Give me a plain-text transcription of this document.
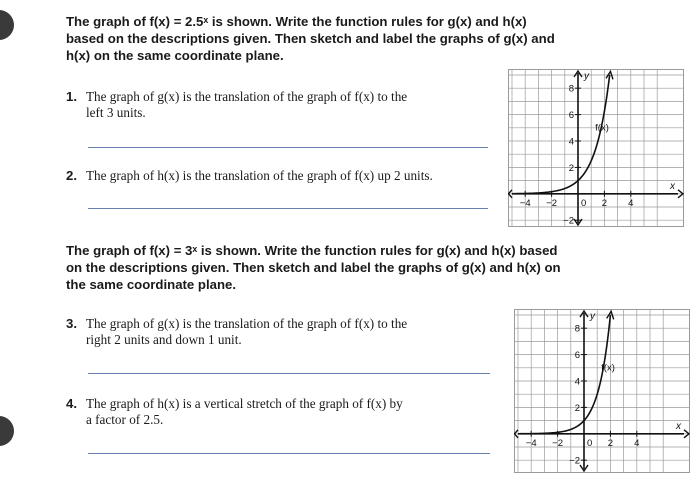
The graph of f(x) = 2.5ˣ is shown. Write the function rules for g(x) and h(x)
based on the descriptions given. Then sketch and label the graphs of g(x) and
h(x) on the same coordinate plane.
1. The graph of g(x) is the translation of the graph of f(x) to the
left 3 units.
2. The graph of h(x) is the translation of the graph of f(x) up 2 units.
−4 −2	0 2 4
8
6
4
2
−2
x
y
f(x)
The graph of f(x) = 3ˣ is shown. Write the function rules for g(x) and h(x) based
on the descriptions given. Then sketch and label the graphs of g(x) and h(x) on
the same coordinate plane.
3. The graph of g(x) is the translation of the graph of f(x) to the
right 2 units and down 1 unit.
4. The graph of h(x) is a vertical stretch of the graph of f(x) by
a factor of 2.5.
−4 −2	0 2 4
8
6
4
2
−2
x
y
f(x)
